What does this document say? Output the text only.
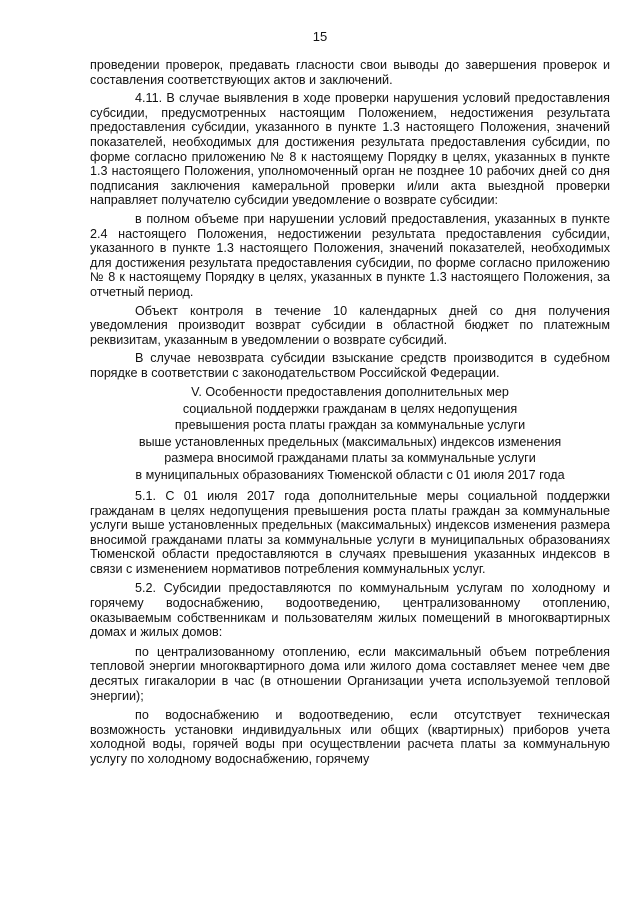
15

проведении проверок, предавать гласности свои выводы до завершения проверок и составления соответствующих актов и заключений.

4.11. В случае выявления в ходе проверки нарушения условий предоставления субсидии, предусмотренных настоящим Положением, недостижения результата предоставления субсидии, указанного в пункте 1.3 настоящего Положения, значений показателей, необходимых для достижения результата предоставления субсидии, по форме согласно приложению № 8 к настоящему Порядку в целях, указанных в пункте 1.3 настоящего Положения, уполномоченный орган не позднее 10 рабочих дней со дня подписания заключения камеральной проверки и/или акта выездной проверки направляет получателю субсидии уведомление о возврате субсидии:

в полном объеме при нарушении условий предоставления, указанных в пункте 2.4 настоящего Положения, недостижении результата предоставления субсидии, указанного в пункте 1.3 настоящего Положения, значений показателей, необходимых для достижения результата предоставления субсидии, по форме согласно приложению № 8 к настоящему Порядку в целях, указанных в пункте 1.3 настоящего Положения, за отчетный период.

Объект контроля в течение 10 календарных дней со дня получения уведомления производит возврат субсидии в областной бюджет по платежным реквизитам, указанным в уведомлении о возврате субсидий.

В случае невозврата субсидии взыскание средств производится в судебном порядке в соответствии с законодательством Российской Федерации.

V. Особенности предоставления дополнительных мер
социальной поддержки гражданам в целях недопущения
превышения роста платы граждан за коммунальные услуги
выше установленных предельных (максимальных) индексов изменения
размера вносимой гражданами платы за коммунальные услуги
в муниципальных образованиях Тюменской области с 01 июля 2017 года

5.1. С 01 июля 2017 года дополнительные меры социальной поддержки гражданам в целях недопущения превышения роста платы граждан за коммунальные услуги выше установленных предельных (максимальных) индексов изменения размера вносимой гражданами платы за коммунальные услуги в муниципальных образованиях Тюменской области предоставляются в случаях превышения указанных индексов в связи с изменением нормативов потребления коммунальных услуг.

5.2. Субсидии предоставляются по коммунальным услугам по холодному и горячему водоснабжению, водоотведению, централизованному отоплению, оказываемым собственникам и пользователям жилых помещений в многоквартирных домах и жилых домов:

по централизованному отоплению, если максимальный объем потребления тепловой энергии многоквартирного дома или жилого дома составляет менее чем две десятых гигакалории в час (в отношении Организации учета используемой тепловой энергии);

по водоснабжению и водоотведению, если отсутствует техническая возможность установки индивидуальных или общих (квартирных) приборов учета холодной воды, горячей воды при осуществлении расчета платы за коммунальную услугу по холодному водоснабжению, горячему
